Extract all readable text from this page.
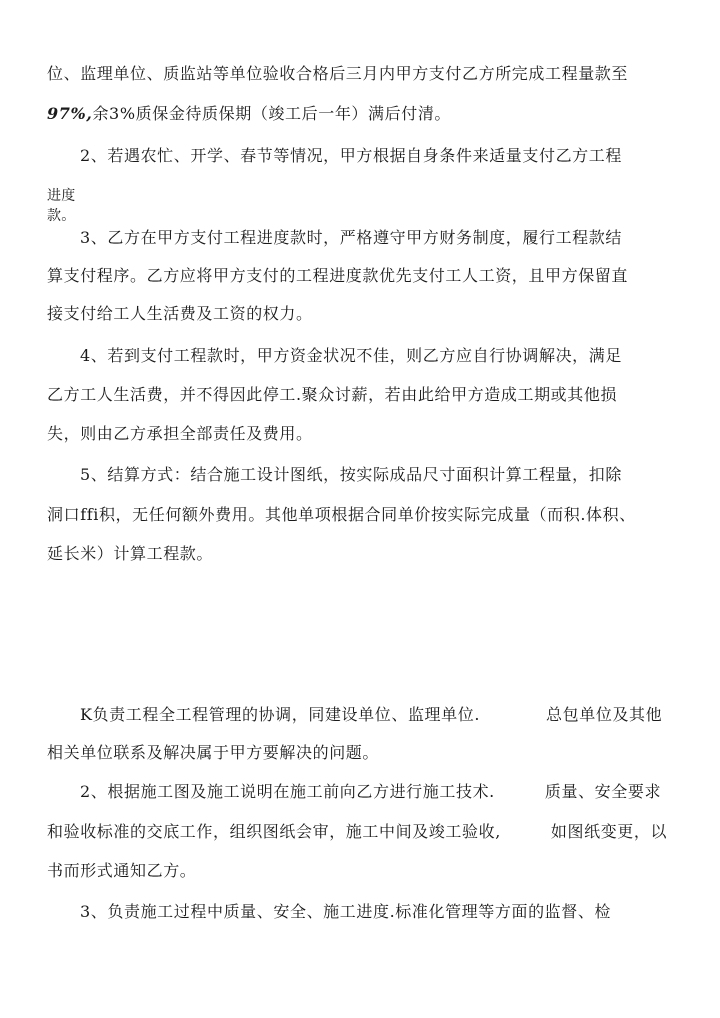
位、监理单位、质监站等单位验收合格后三月内甲方支付乙方所完成工程量款至
97%,余3%质保金待质保期（竣工后一年）满后付清。
2、若遇农忙、开学、春节等情况，甲方根据自身条件来适量支付乙方工程
进度
款。
3、乙方在甲方支付工程进度款时，严格遵守甲方财务制度，履行工程款结
算支付程序。乙方应将甲方支付的工程进度款优先支付工人工资，且甲方保留直
接支付给工人生活费及工资的权力。
4、若到支付工程款时，甲方资金状况不佳，则乙方应自行协调解决，满足
乙方工人生活费，并不得因此停工.聚众讨薪，若由此给甲方造成工期或其他损
失，则由乙方承担全部责任及费用。
5、结算方式：结合施工设计图纸，按实际成品尺寸面积计算工程量，扣除
洞口ffi积，无任何额外费用。其他单项根据合同单价按实际完成量（而积.体积、
延长米）计算工程款。
K负责工程全工程管理的协调，同建设单位、监理单位.	总包单位及其他
相关单位联系及解决属于甲方要解决的问题。
2、根据施工图及施工说明在施工前向乙方进行施工技术.	质量、安全要求
和验收标准的交底工作，组织图纸会审，施工中间及竣工验收,	如图纸变更，以
书而形式通知乙方。
3、负责施工过程中质量、安全、施工进度.标准化管理等方面的监督、检
